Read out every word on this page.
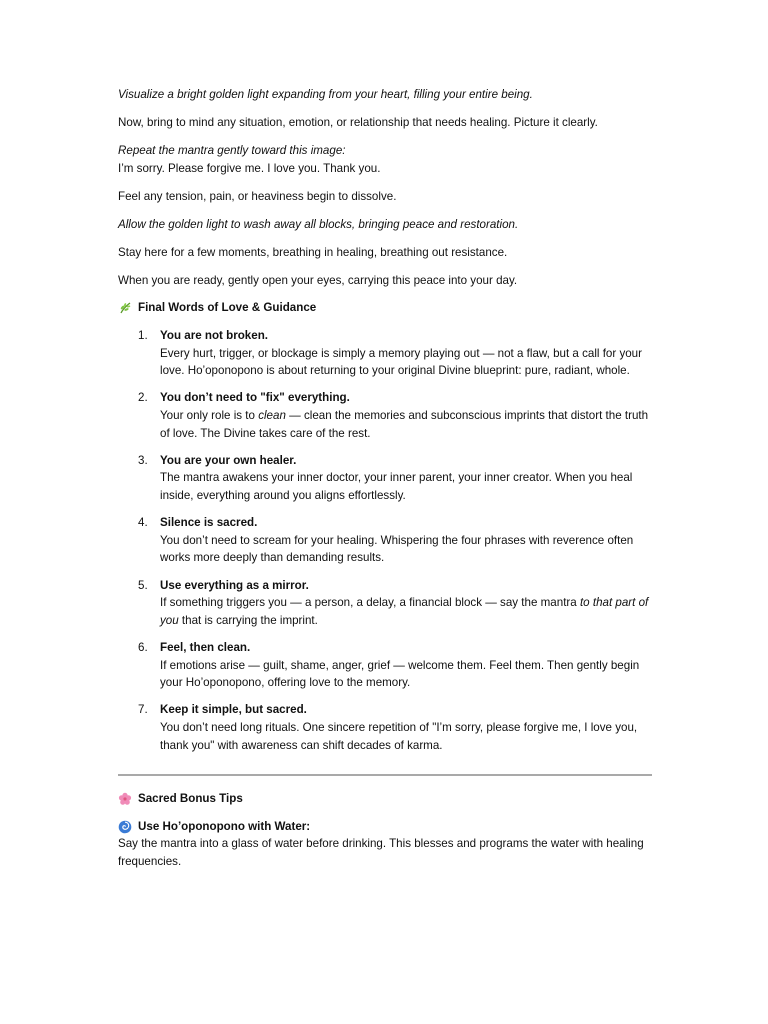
Visualize a bright golden light expanding from your heart, filling your entire being.

Now, bring to mind any situation, emotion, or relationship that needs healing. Picture it clearly.

Repeat the mantra gently toward this image:

I’m sorry. Please forgive me. I love you. Thank you.

Feel any tension, pain, or heaviness begin to dissolve.

Allow the golden light to wash away all blocks, bringing peace and restoration.

Stay here for a few moments, breathing in healing, breathing out resistance.

When you are ready, gently open your eyes, carrying this peace into your day.

Final Words of Love & Guidance
1. You are not broken.

Every hurt, trigger, or blockage is simply a memory playing out — not a flaw, but a call for your love. Ho’oponopono is about returning to your original Divine blueprint: pure, radiant, whole.

2. You don’t need to "fix" everything.

Your only role is to clean — clean the memories and subconscious imprints that distort the truth of love. The Divine takes care of the rest.

3. You are your own healer.

The mantra awakens your inner doctor, your inner parent, your inner creator. When you heal inside, everything around you aligns effortlessly.

4. Silence is sacred.

You don’t need to scream for your healing. Whispering the four phrases with reverence often works more deeply than demanding results.

5. Use everything as a mirror.

If something triggers you — a person, a delay, a financial block — say the mantra to that part of you that is carrying the imprint.

6. Feel, then clean.

If emotions arise — guilt, shame, anger, grief — welcome them. Feel them. Then gently begin your Ho’oponopono, offering love to the memory.

7. Keep it simple, but sacred.

You don’t need long rituals. One sincere repetition of "I’m sorry, please forgive me, I love you, thank you" with awareness can shift decades of karma.

Sacred Bonus Tips
Use Ho’oponopono with Water:

Say the mantra into a glass of water before drinking. This blesses and programs the water with healing frequencies.
